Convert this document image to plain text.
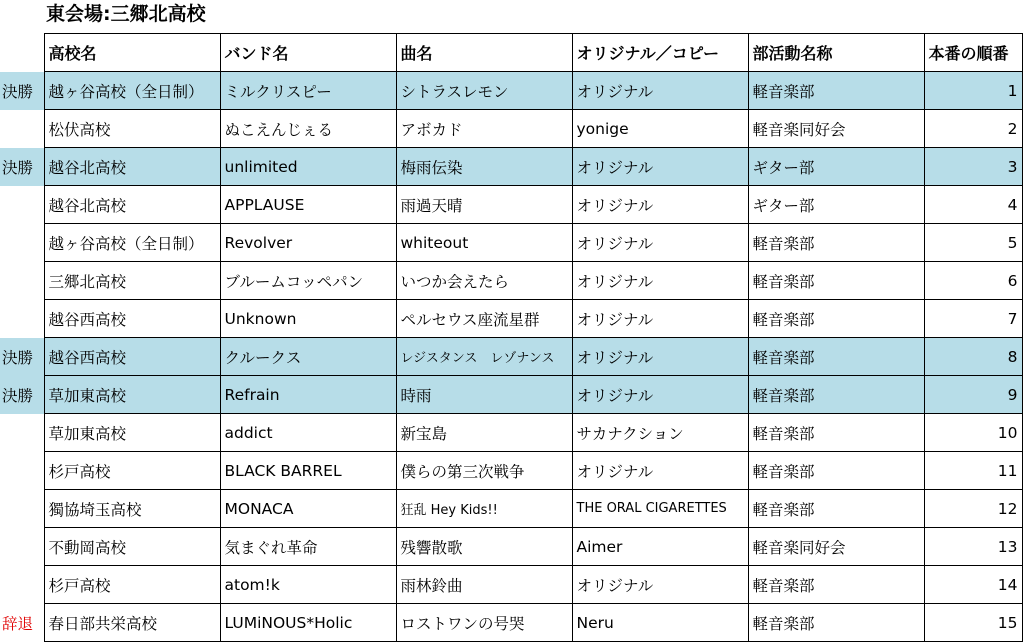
東会場:三郷北高校
	高校名	バンド名	曲名	オリジナル／コピー	部活動名称	本番の順番
決勝	越ヶ谷高校（全日制）	ミルクリスピー	シトラスレモン	オリジナル	軽音楽部	1
	松伏高校	ぬこえんじぇる	アボカド	yonige	軽音楽同好会	2
決勝	越谷北高校	unlimited	梅雨伝染	オリジナル	ギター部	3
	越谷北高校	APPLAUSE	雨過天晴	オリジナル	ギター部	4
	越ヶ谷高校（全日制）	Revolver	whiteout	オリジナル	軽音楽部	5
	三郷北高校	ブルームコッペパン	いつか会えたら	オリジナル	軽音楽部	6
	越谷西高校	Unknown	ペルセウス座流星群	オリジナル	軽音楽部	7
決勝	越谷西高校	クルークス	レジスタンス　レゾナンス	オリジナル	軽音楽部	8
決勝	草加東高校	Refrain	時雨	オリジナル	軽音楽部	9
	草加東高校	addict	新宝島	サカナクション	軽音楽部	10
	杉戸高校	BLACK BARREL	僕らの第三次戦争	オリジナル	軽音楽部	11
	獨協埼玉高校	MONACA	狂乱 Hey Kids!!	THE ORAL CIGARETTES	軽音楽部	12
	不動岡高校	気まぐれ革命	残響散歌	Aimer	軽音楽同好会	13
	杉戸高校	atom!k	雨林鈴曲	オリジナル	軽音楽部	14
辞退	春日部共栄高校	LUMiNOUS*Holic	ロストワンの号哭	Neru	軽音楽部	15
